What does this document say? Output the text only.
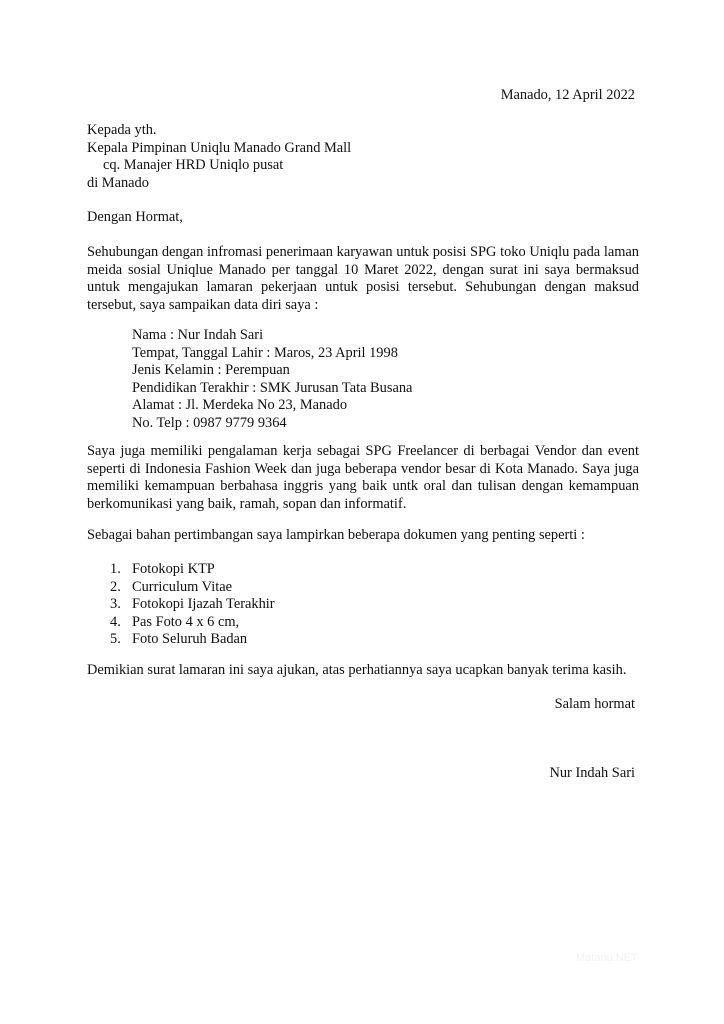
Manado, 12 April 2022
Kepada yth.
Kepala Pimpinan Uniqlu Manado Grand Mall
cq. Manajer HRD Uniqlo pusat
di Manado
Dengan Hormat,
Sehubungan dengan infromasi penerimaan karyawan untuk posisi SPG toko Uniqlu pada laman meida sosial Uniqlue Manado per tanggal 10 Maret 2022, dengan surat ini saya bermaksud untuk mengajukan lamaran pekerjaan untuk posisi tersebut. Sehubungan dengan maksud tersebut, saya sampaikan data diri saya :
Nama : Nur Indah Sari
Tempat, Tanggal Lahir : Maros, 23 April 1998
Jenis Kelamin : Perempuan
Pendidikan Terakhir : SMK Jurusan Tata Busana
Alamat : Jl. Merdeka No 23, Manado
No. Telp : 0987 9779 9364
Saya juga memiliki pengalaman kerja sebagai SPG Freelancer di berbagai Vendor dan event seperti di Indonesia Fashion Week dan juga beberapa vendor besar di Kota Manado. Saya juga memiliki kemampuan berbahasa inggris yang baik untk oral dan tulisan dengan kemampuan berkomunikasi yang baik, ramah, sopan dan informatif.
Sebagai bahan pertimbangan saya lampirkan beberapa dokumen yang penting seperti :
1. Fotokopi KTP
2. Curriculum Vitae
3. Fotokopi Ijazah Terakhir
4. Pas Foto 4 x 6 cm,
5. Foto Seluruh Badan
Demikian surat lamaran ini saya ajukan, atas perhatiannya saya ucapkan banyak terima kasih.
Salam hormat
Nur Indah Sari
Matanu.NET
